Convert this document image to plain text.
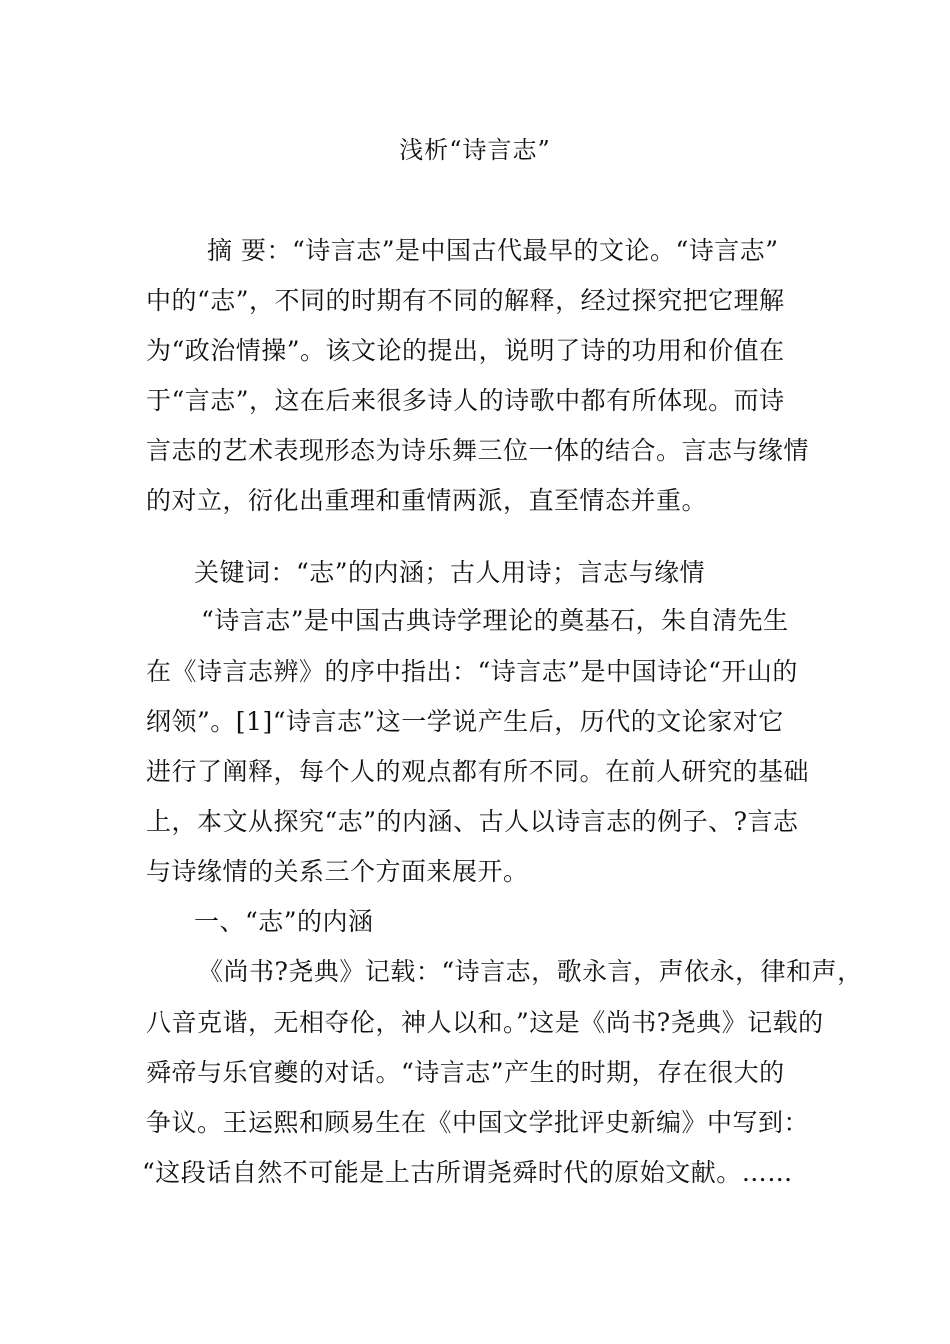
浅析“诗言志”
摘 要：“诗言志”是中国古代最早的文论。“诗言志”
中的“志”，不同的时期有不同的解释，经过探究把它理解
为“政治情操”。该文论的提出，说明了诗的功用和价值在
于“言志”，这在后来很多诗人的诗歌中都有所体现。而诗
言志的艺术表现形态为诗乐舞三位一体的结合。言志与缘情
的对立，衍化出重理和重情两派，直至情态并重。
关键词：“志”的内涵；古人用诗；言志与缘情
“诗言志”是中国古典诗学理论的奠基石，朱自清先生
在《诗言志辨》的序中指出：“诗言志”是中国诗论“开山的
纲领”。[1]“诗言志”这一学说产生后，历代的文论家对它
进行了阐释，每个人的观点都有所不同。在前人研究的基础
上，本文从探究“志”的内涵、古人以诗言志的例子、?言志
与诗缘情的关系三个方面来展开。
一、“志”的内涵
《尚书?尧典》记载：“诗言志，歌永言，声依永，律和声，
八音克谐，无相夺伦，神人以和。”这是《尚书?尧典》记载的
舜帝与乐官夔的对话。“诗言志”产生的时期，存在很大的
争议。王运熙和顾易生在《中国文学批评史新编》中写到：
“这段话自然不可能是上古所谓尧舜时代的原始文献。……
